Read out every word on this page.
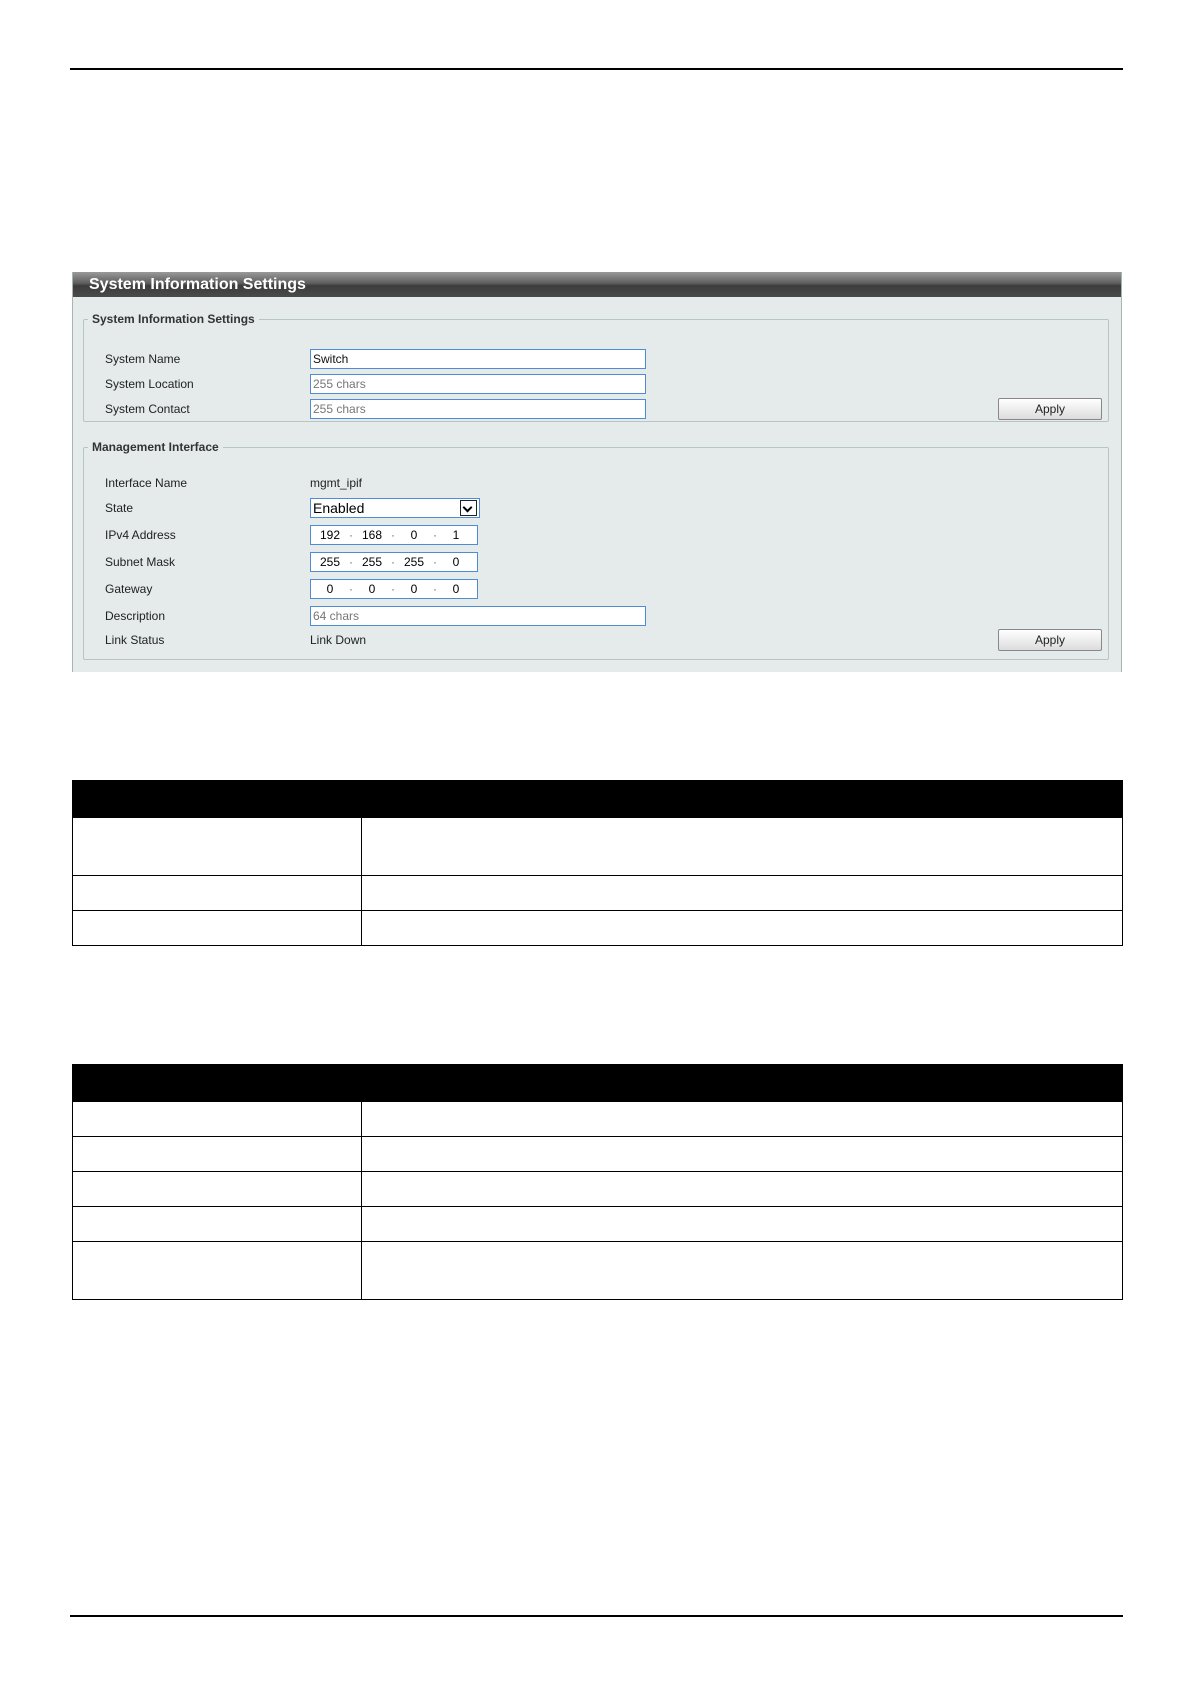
System Information Settings
System Information Settings
System Name	Switch
System Location	255 chars
System Contact	255 chars	Apply
Management Interface
Interface Name	mgmt_ipif
State	Enabled
IPv4 Address	192 · 168 ·	0	·	1
Subnet Mask	255 · 255 · 255 ·	0
Gateway	0	·	0	·	0	·	0
Description	64 chars
Link Status	Link Down	Apply
